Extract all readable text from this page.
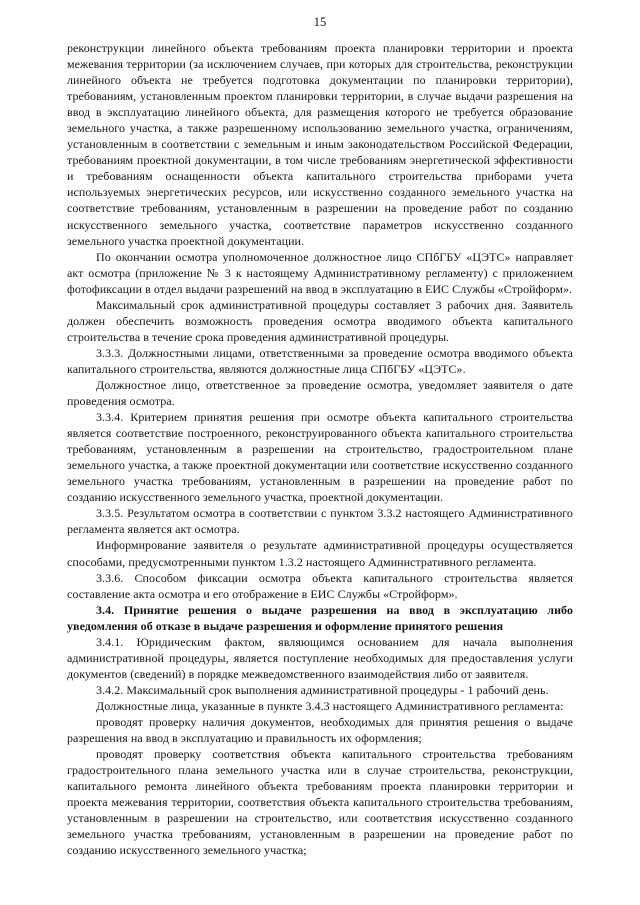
15

реконструкции линейного объекта требованиям проекта планировки территории и проекта межевания территории (за исключением случаев, при которых для строительства, реконструкции линейного объекта не требуется подготовка документации по планировки территории), требованиям, установленным проектом планировки территории, в случае выдачи разрешения на ввод в эксплуатацию линейного объекта, для размещения которого не требуется образование земельного участка, а также разрешенному использованию земельного участка, ограничениям, установленным в соответствии с земельным и иным законодательством Российской Федерации, требованиям проектной документации, в том числе требованиям энергетической эффективности и требованиям оснащенности объекта капитального строительства приборами учета используемых энергетических ресурсов, или искусственно созданного земельного участка на соответствие требованиям, установленным в разрешении на проведение работ по созданию искусственного земельного участка, соответствие параметров искусственно созданного земельного участка проектной документации.

По окончании осмотра уполномоченное должностное лицо СПбГБУ «ЦЭТС» направляет акт осмотра (приложение № 3 к настоящему Административному регламенту) с приложением фотофиксации в отдел выдачи разрешений на ввод в эксплуатацию в ЕИС Службы «Стройформ».

Максимальный срок административной процедуры составляет 3 рабочих дня. Заявитель должен обеспечить возможность проведения осмотра вводимого объекта капитального строительства в течение срока проведения административной процедуры.

3.3.3. Должностными лицами, ответственными за проведение осмотра вводимого объекта капитального строительства, являются должностные лица СПбГБУ «ЦЭТС».

Должностное лицо, ответственное за проведение осмотра, уведомляет заявителя о дате проведения осмотра.

3.3.4. Критерием принятия решения при осмотре объекта капитального строительства является соответствие построенного, реконструированного объекта капитального строительства требованиям, установленным в разрешении на строительство, градостроительном плане земельного участка, а также проектной документации или соответствие искусственно созданного земельного участка требованиям, установленным в разрешении на проведение работ по созданию искусственного земельного участка, проектной документации.

3.3.5. Результатом осмотра в соответствии с пунктом 3.3.2 настоящего Административного регламента является акт осмотра.

Информирование заявителя о результате административной процедуры осуществляется способами, предусмотренными пунктом 1.3.2 настоящего Административного регламента.

3.3.6. Способом фиксации осмотра объекта капитального строительства является составление акта осмотра и его отображение в ЕИС Службы «Стройформ».

3.4. Принятие решения о выдаче разрешения на ввод в эксплуатацию либо уведомления об отказе в выдаче разрешения и оформление принятого решения

3.4.1. Юридическим фактом, являющимся основанием для начала выполнения административной процедуры, является поступление необходимых для предоставления услуги документов (сведений) в порядке межведомственного взаимодействия либо от заявителя.

3.4.2. Максимальный срок выполнения административной процедуры - 1 рабочий день.

Должностные лица, указанные в пункте 3.4.3 настоящего Административного регламента:

проводят проверку наличия документов, необходимых для принятия решения о выдаче разрешения на ввод в эксплуатацию и правильность их оформления;

проводят проверку соответствия объекта капитального строительства требованиям градостроительного плана земельного участка или в случае строительства, реконструкции, капитального ремонта линейного объекта требованиям проекта планировки территории и проекта межевания территории, соответствия объекта капитального строительства требованиям, установленным в разрешении на строительство, или соответствия искусственно созданного земельного участка требованиям, установленным в разрешении на проведение работ по созданию искусственного земельного участка;
